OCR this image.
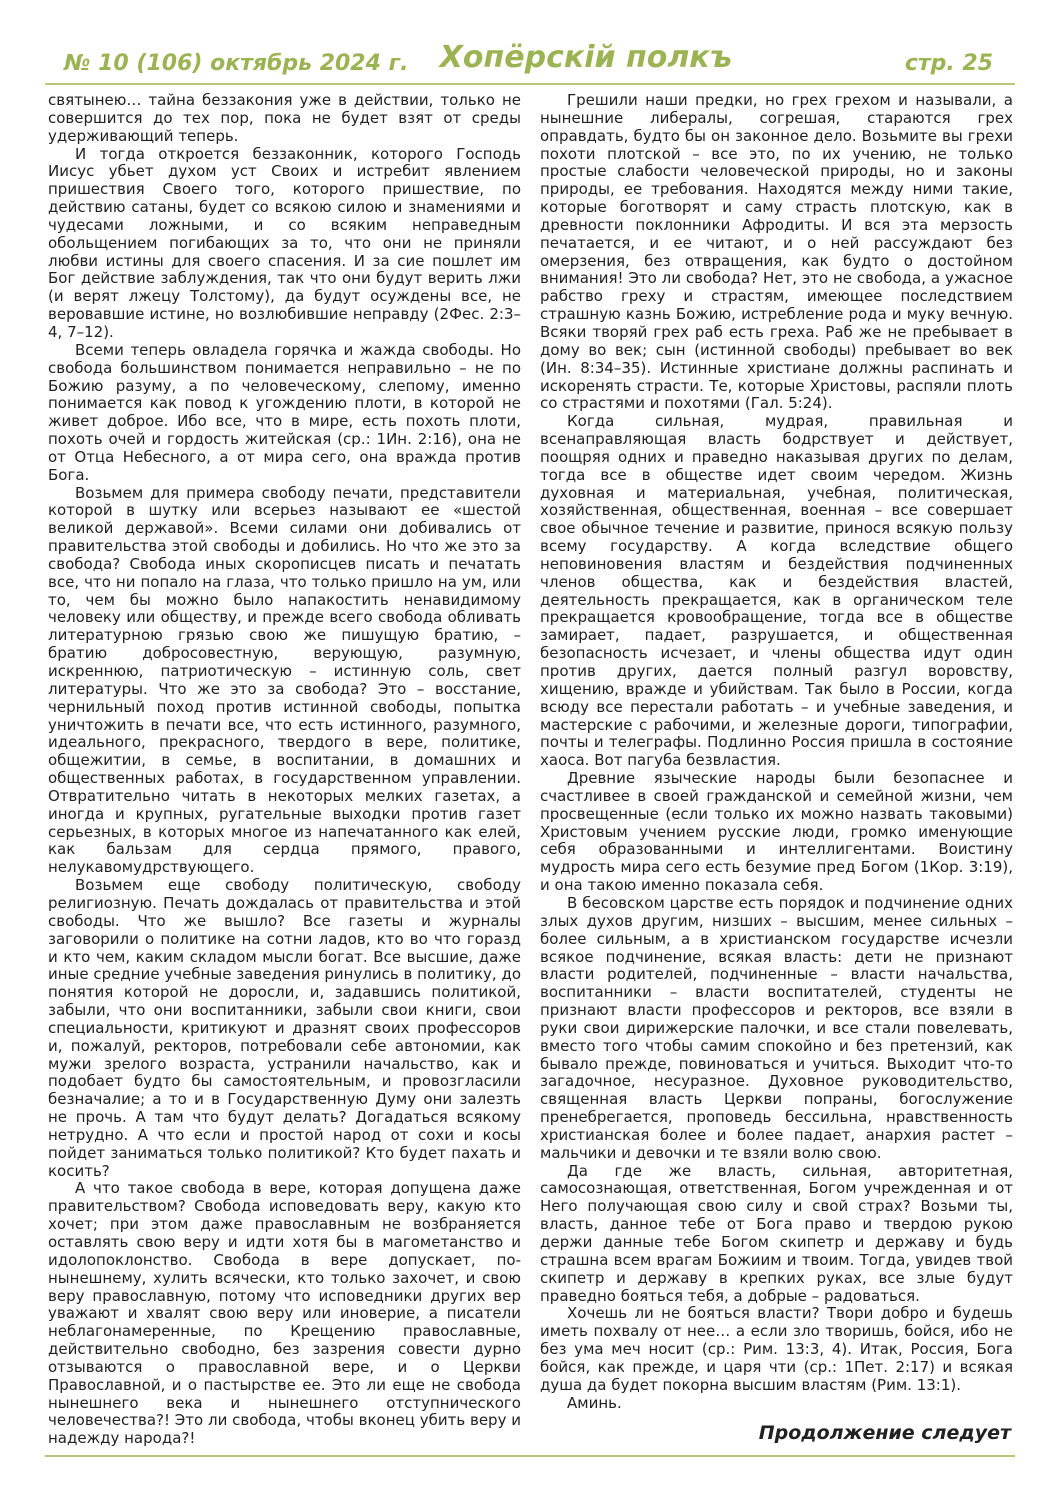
№ 10 (106) октябрь 2024 г. Хопёрскій полкъ	стр. 25

святынею… тайна беззакония уже в действии, только не совершится до тех пор, пока не будет взят от среды удерживающий теперь.

И тогда откроется беззаконник, которого Господь Иисус убьет духом уст Своих и истребит явлением пришествия Своего того, которого пришествие, по действию сатаны, будет со всякою силою и знамениями и чудесами ложными, и со всяким неправедным обольщением погибающих за то, что они не приняли любви истины для своего спасения. И за сие пошлет им Бог действие заблуждения, так что они будут верить лжи (и верят лжецу Толстому), да будут осуждены все, не веровавшие истине, но возлюбившие неправду (2Фес. 2:3–4, 7–12).

Всеми теперь овладела горячка и жажда свободы. Но свобода большинством понимается неправильно – не по Божию разуму, а по человеческому, слепому, именно понимается как повод к угождению плоти, в которой не живет доброе. Ибо все, что в мире, есть похоть плоти, похоть очей и гордость житейская (ср.: 1Ин. 2:16), она не от Отца Небесного, а от мира сего, она вражда против Бога.

Возьмем для примера свободу печати, представители которой в шутку или всерьез называют ее «шестой великой державой». Всеми силами они добивались от правительства этой свободы и добились. Но что же это за свобода? Свобода иных скорописцев писать и печатать все, что ни попало на глаза, что только пришло на ум, или то, чем бы можно было напакостить ненавидимому человеку или обществу, и прежде всего свобода обливать литературною грязью свою же пишущую братию, – братию добросовестную, верующую, разумную, искреннюю, патриотическую – истинную соль, свет литературы. Что же это за свобода? Это – восстание, чернильный поход против истинной свободы, попытка уничтожить в печати все, что есть истинного, разумного, идеального, прекрасного, твердого в вере, политике, общежитии, в семье, в воспитании, в домашних и общественных работах, в государственном управлении. Отвратительно читать в некоторых мелких газетах, а иногда и крупных, ругательные выходки против газет серьезных, в которых многое из напечатанного как елей, как бальзам для сердца прямого, правого, нелукавомудрствующего.

Возьмем еще свободу политическую, свободу религиозную. Печать дождалась от правительства и этой свободы. Что же вышло? Все газеты и журналы заговорили о политике на сотни ладов, кто во что горазд и кто чем, каким складом мысли богат. Все высшие, даже иные средние учебные заведения ринулись в политику, до понятия которой не доросли, и, задавшись политикой, забыли, что они воспитанники, забыли свои книги, свои специальности, критикуют и дразнят своих профессоров и, пожалуй, ректоров, потребовали себе автономии, как мужи зрелого возраста, устранили начальство, как и подобает будто бы самостоятельным, и провозгласили безначалие; а то и в Государственную Думу они залезть не прочь. А там что будут делать? Догадаться всякому нетрудно. А что если и простой народ от сохи и косы пойдет заниматься только политикой? Кто будет пахать и косить?

А что такое свобода в вере, которая допущена даже правительством? Свобода исповедовать веру, какую кто хочет; при этом даже православным не возбраняется оставлять свою веру и идти хотя бы в магометанство и идолопоклонство. Свобода в вере допускает, по-нынешнему, хулить всячески, кто только захочет, и свою веру православную, потому что исповедники других вер уважают и хвалят свою веру или иноверие, а писатели неблагонамеренные, по Крещению православные, действительно свободно, без зазрения совести дурно отзываются о православной вере, и о Церкви Православной, и о пастырстве ее. Это ли еще не свобода нынешнего века и нынешнего отступнического человечества?! Это ли свобода, чтобы вконец убить веру и надежду народа?!

Грешили наши предки, но грех грехом и называли, а нынешние либералы, согрешая, стараются грех оправдать, будто бы он законное дело. Возьмите вы грехи похоти плотской – все это, по их учению, не только простые слабости человеческой природы, но и законы природы, ее требования. Находятся между ними такие, которые боготворят и саму страсть плотскую, как в древности поклонники Афродиты. И вся эта мерзость печатается, и ее читают, и о ней рассуждают без омерзения, без отвращения, как будто о достойном внимания! Это ли свобода? Нет, это не свобода, а ужасное рабство греху и страстям, имеющее последствием страшную казнь Божию, истребление рода и муку вечную. Всяки творяй грех раб есть греха. Раб же не пребывает в дому во век; сын (истинной свободы) пребывает во век (Ин. 8:34–35). Истинные христиане должны распинать и искоренять страсти. Те, которые Христовы, распяли плоть со страстями и похотями (Гал. 5:24).

Когда сильная, мудрая, правильная и всенаправляющая власть бодрствует и действует, поощряя одних и праведно наказывая других по делам, тогда все в обществе идет своим чередом. Жизнь духовная и материальная, учебная, политическая, хозяйственная, общественная, военная – все совершает свое обычное течение и развитие, принося всякую пользу всему государству. А когда вследствие общего неповиновения властям и бездействия подчиненных членов общества, как и бездействия властей, деятельность прекращается, как в органическом теле прекращается кровообращение, тогда все в обществе замирает, падает, разрушается, и общественная безопасность исчезает, и члены общества идут один против других, дается полный разгул воровству, хищению, вражде и убийствам. Так было в России, когда всюду все перестали работать – и учебные заведения, и мастерские с рабочими, и железные дороги, типографии, почты и телеграфы. Подлинно Россия пришла в состояние хаоса. Вот пагуба безвластия.

Древние языческие народы были безопаснее и счастливее в своей гражданской и семейной жизни, чем просвещенные (если только их можно назвать таковыми) Христовым учением русские люди, громко именующие себя образованными и интеллигентами. Воистину мудрость мира сего есть безумие пред Богом (1Кор. 3:19), и она такою именно показала себя.

В бесовском царстве есть порядок и подчинение одних злых духов другим, низших – высшим, менее сильных – более сильным, а в христианском государстве исчезли всякое подчинение, всякая власть: дети не признают власти родителей, подчиненные – власти начальства, воспитанники – власти воспитателей, студенты не признают власти профессоров и ректоров, все взяли в руки свои дирижерские палочки, и все стали повелевать, вместо того чтобы самим спокойно и без претензий, как бывало прежде, повиноваться и учиться. Выходит что-то загадочное, несуразное. Духовное руководительство, священная власть Церкви попраны, богослужение пренебрегается, проповедь бессильна, нравственность христианская более и более падает, анархия растет – мальчики и девочки и те взяли волю свою.

Да где же власть, сильная, авторитетная, самосознающая, ответственная, Богом учрежденная и от Него получающая свою силу и свой страх? Возьми ты, власть, данное тебе от Бога право и твердою рукою держи данные тебе Богом скипетр и державу и будь страшна всем врагам Божиим и твоим. Тогда, увидев твой скипетр и державу в крепких руках, все злые будут праведно бояться тебя, а добрые – радоваться.

Хочешь ли не бояться власти? Твори добро и будешь иметь похвалу от нее… а если зло творишь, бойся, ибо не без ума меч носит (ср.: Рим. 13:3, 4). Итак, Россия, Бога бойся, как прежде, и царя чти (ср.: 1Пет. 2:17) и всякая душа да будет покорна высшим властям (Рим. 13:1).

Аминь.

Продолжение следует
